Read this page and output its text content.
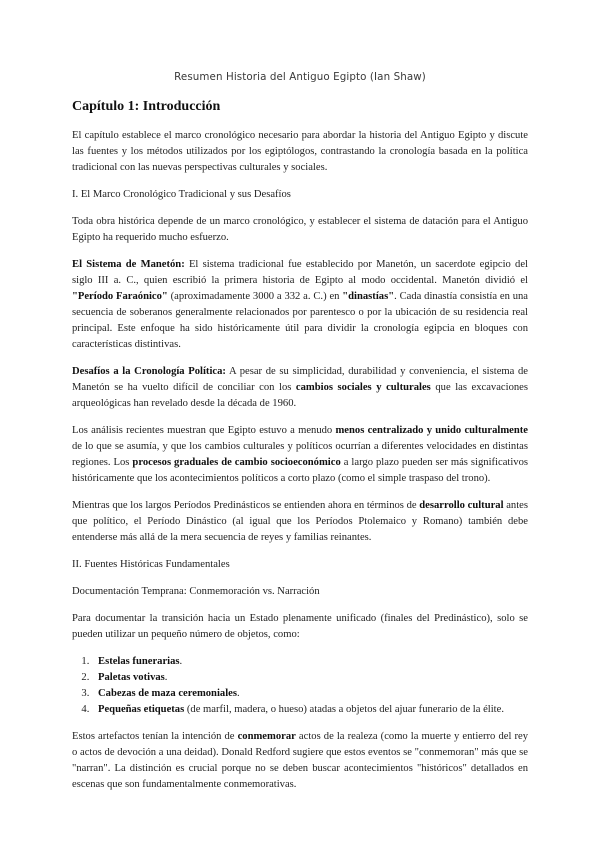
Resumen Historia del Antiguo Egipto (Ian Shaw)
Capítulo 1: Introducción

El capítulo establece el marco cronológico necesario para abordar la historia del Antiguo Egipto y discute las fuentes y los métodos utilizados por los egiptólogos, contrastando la cronología basada en la política tradicional con las nuevas perspectivas culturales y sociales.

I. El Marco Cronológico Tradicional y sus Desafíos

Toda obra histórica depende de un marco cronológico, y establecer el sistema de datación para el Antiguo Egipto ha requerido mucho esfuerzo.

El Sistema de Manetón: El sistema tradicional fue establecido por Manetón, un sacerdote egipcio del siglo III a. C., quien escribió la primera historia de Egipto al modo occidental. Manetón dividió el "Período Faraónico" (aproximadamente 3000 a 332 a. C.) en "dinastías". Cada dinastía consistía en una secuencia de soberanos generalmente relacionados por parentesco o por la ubicación de su residencia real principal. Este enfoque ha sido históricamente útil para dividir la cronología egipcia en bloques con características distintivas.

Desafíos a la Cronología Política: A pesar de su simplicidad, durabilidad y conveniencia, el sistema de Manetón se ha vuelto difícil de conciliar con los cambios sociales y culturales que las excavaciones arqueológicas han revelado desde la década de 1960.

Los análisis recientes muestran que Egipto estuvo a menudo menos centralizado y unido culturalmente de lo que se asumía, y que los cambios culturales y políticos ocurrían a diferentes velocidades en distintas regiones. Los procesos graduales de cambio socioeconómico a largo plazo pueden ser más significativos históricamente que los acontecimientos políticos a corto plazo (como el simple traspaso del trono).

Mientras que los largos Períodos Predinásticos se entienden ahora en términos de desarrollo cultural antes que político, el Período Dinástico (al igual que los Períodos Ptolemaico y Romano) también debe entenderse más allá de la mera secuencia de reyes y familias reinantes.

II. Fuentes Históricas Fundamentales

Documentación Temprana: Conmemoración vs. Narración

Para documentar la transición hacia un Estado plenamente unificado (finales del Predinástico), solo se pueden utilizar un pequeño número de objetos, como:

1. Estelas funerarias.
2. Paletas votivas.
3. Cabezas de maza ceremoniales.
4. Pequeñas etiquetas (de marfil, madera, o hueso) atadas a objetos del ajuar funerario de la élite.

Estos artefactos tenían la intención de conmemorar actos de la realeza (como la muerte y entierro del rey o actos de devoción a una deidad). Donald Redford sugiere que estos eventos se "conmemoran" más que se "narran". La distinción es crucial porque no se deben buscar acontecimientos "históricos" detallados en escenas que son fundamentalmente conmemorativas.
